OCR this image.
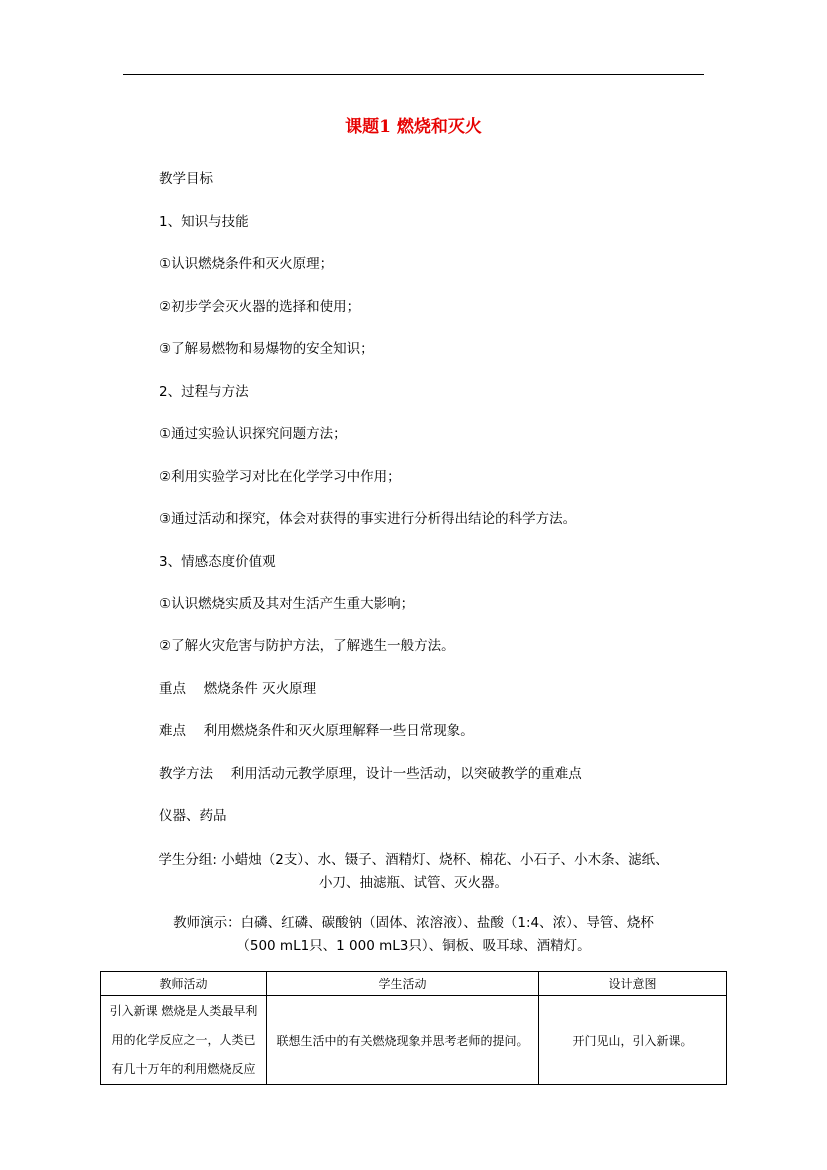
课题1 燃烧和灭火
教学目标
1、知识与技能
①认识燃烧条件和灭火原理；
②初步学会灭火器的选择和使用；
③了解易燃物和易爆物的安全知识；
2、过程与方法
①通过实验认识探究问题方法；
②利用实验学习对比在化学学习中作用；
③通过活动和探究，体会对获得的事实进行分析得出结论的科学方法。
3、情感态度价值观
①认识燃烧实质及其对生活产生重大影响；
②了解火灾危害与防护方法，了解逃生一般方法。
重点　 燃烧条件 灭火原理
难点　 利用燃烧条件和灭火原理解释一些日常现象。
教学方法　 利用活动元教学原理，设计一些活动，以突破教学的重难点
仪器、药品
学生分组: 小蜡烛（2支）、水、镊子、酒精灯、烧杯、棉花、小石子、小木条、滤纸、
小刀、抽滤瓶、试管、灭火器。
教师演示：白磷、红磷、碳酸钠（固体、浓溶液）、盐酸（1:4、浓）、导管、烧杯
（500 mL1只、1 000 mL3只）、铜板、吸耳球、酒精灯。
教师活动	学生活动	设计意图

引入新课 燃烧是人类最早利
用的化学反应之一，人类已
有几十万年的利用燃烧反应	联想生活中的有关燃烧现象并思考老师的提问。	开门见山，引入新课。
